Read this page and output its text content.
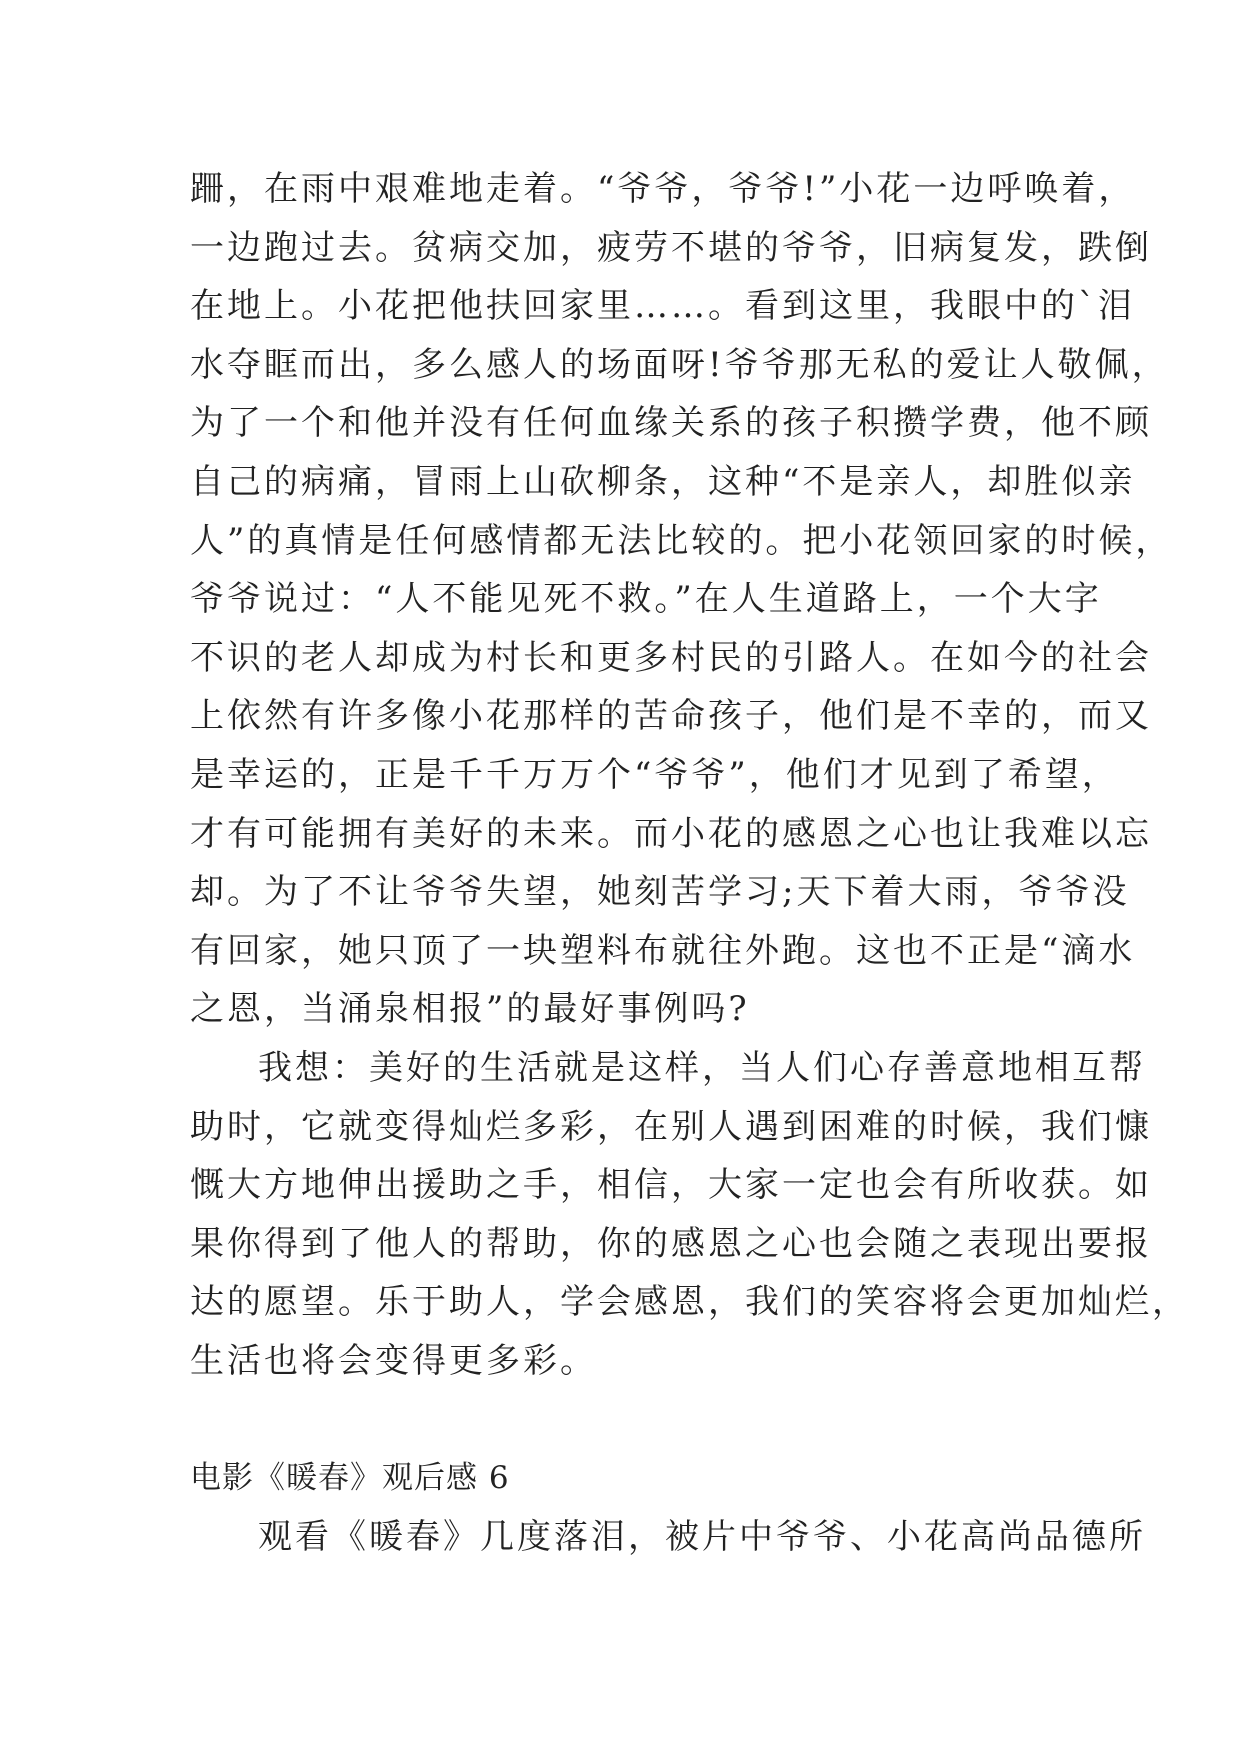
跚，在雨中艰难地走着。“爷爷，爷爷!”小花一边呼唤着，
一边跑过去。贫病交加，疲劳不堪的爷爷，旧病复发，跌倒
在地上。小花把他扶回家里……。看到这里，我眼中的`泪
水夺眶而出，多么感人的场面呀!爷爷那无私的爱让人敬佩，
为了一个和他并没有任何血缘关系的孩子积攒学费，他不顾
自己的病痛，冒雨上山砍柳条，这种“不是亲人，却胜似亲
人”的真情是任何感情都无法比较的。把小花领回家的时候，
爷爷说过：“人不能见死不救。”在人生道路上，一个大字
不识的老人却成为村长和更多村民的引路人。在如今的社会
上依然有许多像小花那样的苦命孩子，他们是不幸的，而又
是幸运的，正是千千万万个“爷爷”，他们才见到了希望，
才有可能拥有美好的未来。而小花的感恩之心也让我难以忘
却。为了不让爷爷失望，她刻苦学习;天下着大雨，爷爷没
有回家，她只顶了一块塑料布就往外跑。这也不正是“滴水
之恩，当涌泉相报”的最好事例吗?
我想：美好的生活就是这样，当人们心存善意地相互帮
助时，它就变得灿烂多彩，在别人遇到困难的时候，我们慷
慨大方地伸出援助之手，相信，大家一定也会有所收获。如
果你得到了他人的帮助，你的感恩之心也会随之表现出要报
达的愿望。乐于助人，学会感恩，我们的笑容将会更加灿烂，
生活也将会变得更多彩。
电影《暖春》观后感 6
观看《暖春》几度落泪，被片中爷爷、小花高尚品德所
